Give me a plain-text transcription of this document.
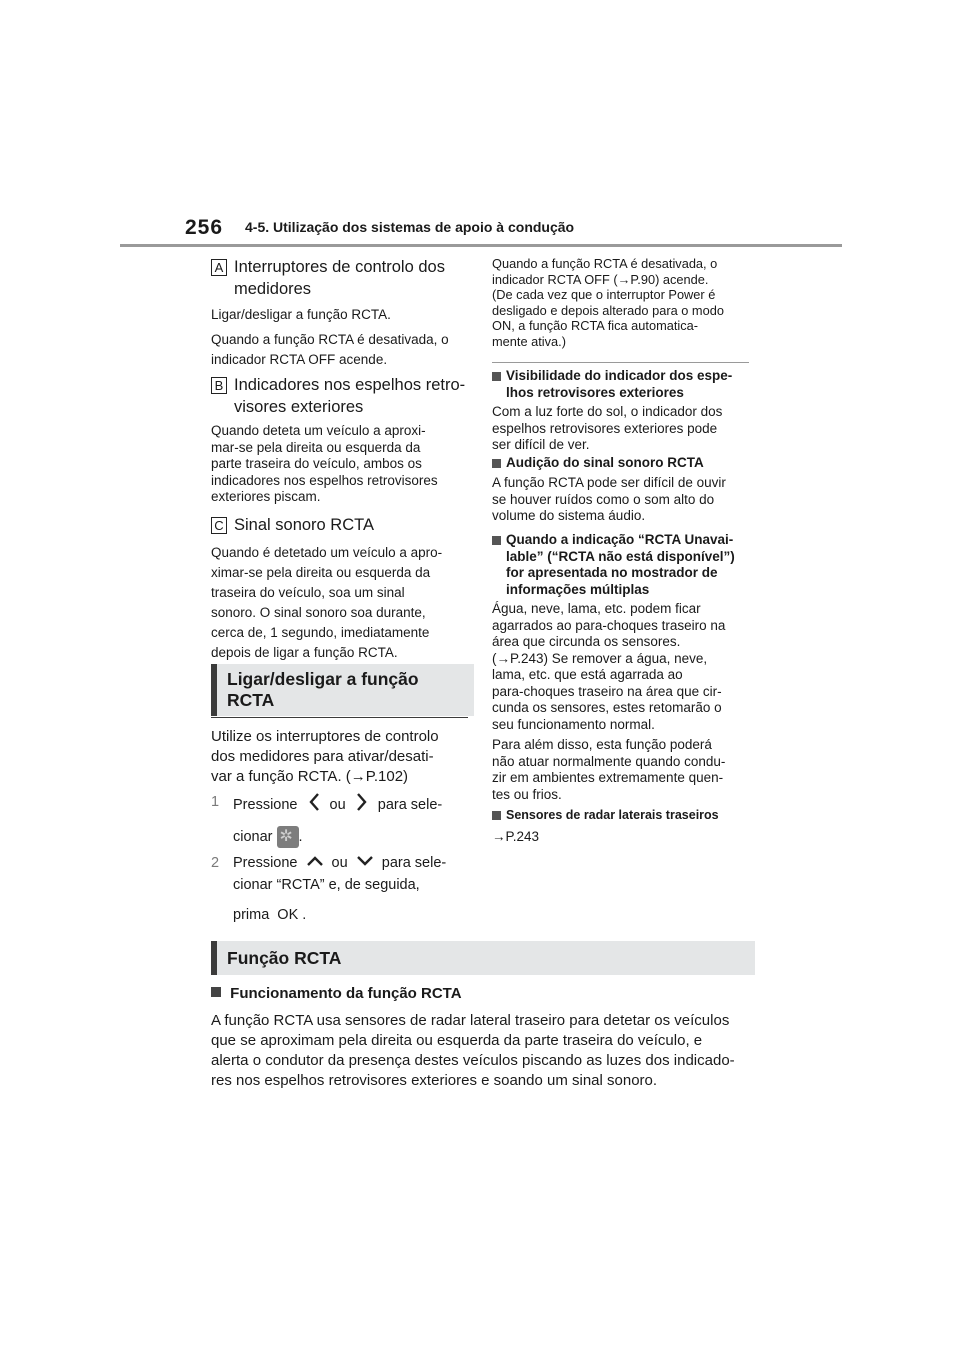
256 4-5. Utilização dos sistemas de apoio à condução
A Interruptores de controlo dos
medidores
Ligar/desligar a função RCTA.
Quando a função RCTA é desativada, o
indicador RCTA OFF acende.
B Indicadores nos espelhos retro-
visores exteriores
Quando deteta um veículo a aproxi-
mar-se pela direita ou esquerda da
parte traseira do veículo, ambos os
indicadores nos espelhos retrovisores
exteriores piscam.
C Sinal sonoro RCTA
Quando é detetado um veículo a apro-
ximar-se pela direita ou esquerda da
traseira do veículo, soa um sinal
sonoro. O sinal sonoro soa durante,
cerca de, 1 segundo, imediatamente
depois de ligar a função RCTA.
Ligar/desligar a função
RCTA
Utilize os interruptores de controlo
dos medidores para ativar/desati-
var a função RCTA. (→P.102)
1 Pressione ou para sele-
cionar ✲ .
2 Pressione ou para sele-
cionar “RCTA” e, de seguida,
prima OK .
Quando a função RCTA é desativada, o
indicador RCTA OFF (→P.90) acende.
(De cada vez que o interruptor Power é
desligado e depois alterado para o modo
ON, a função RCTA fica automatica-
mente ativa.)
Visibilidade do indicador dos espe-
lhos retrovisores exteriores
Com a luz forte do sol, o indicador dos
espelhos retrovisores exteriores pode
ser difícil de ver.
Audição do sinal sonoro RCTA
A função RCTA pode ser difícil de ouvir
se houver ruídos como o som alto do
volume do sistema áudio.
Quando a indicação “RCTA Unavai-
lable” (“RCTA não está disponível”)
for apresentada no mostrador de
informações múltiplas
Água, neve, lama, etc. podem ficar
agarrados ao para-choques traseiro na
área que circunda os sensores.
(→P.243) Se remover a água, neve,
lama, etc. que está agarrada ao
para-choques traseiro na área que cir-
cunda os sensores, estes retomarão o
seu funcionamento normal.
Para além disso, esta função poderá
não atuar normalmente quando condu-
zir em ambientes extremamente quen-
tes ou frios.
Sensores de radar laterais traseiros
→P.243
Função RCTA
Funcionamento da função RCTA
A função RCTA usa sensores de radar lateral traseiro para detetar os veículos
que se aproximam pela direita ou esquerda da parte traseira do veículo, e
alerta o condutor da presença destes veículos piscando as luzes dos indicado-
res nos espelhos retrovisores exteriores e soando um sinal sonoro.
